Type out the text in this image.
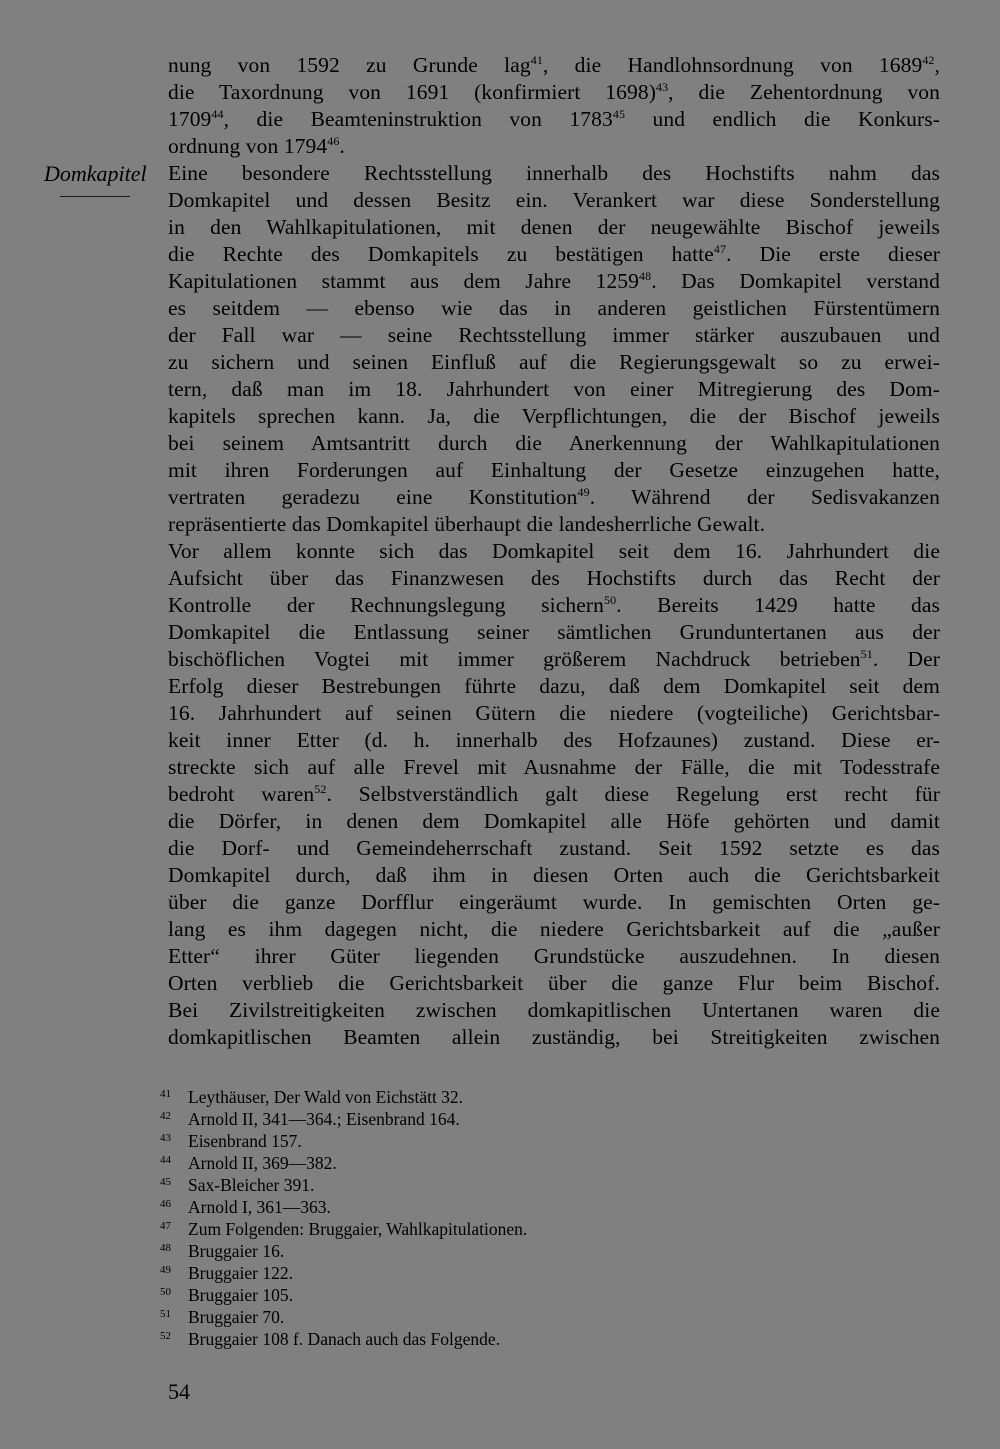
Domkapitel
nung von 1592 zu Grunde lag$^{41}$, die Handlohnsordnung von 1689$^{42}$,
die Taxordnung von 1691 (konfirmiert 1698)$^{43}$, die Zehentordnung von
1709$^{44}$, die Beamteninstruktion von 1783$^{45}$ und endlich die Konkurs-
ordnung von 1794$^{46}$.
Eine besondere Rechtsstellung innerhalb des Hochstifts nahm das
Domkapitel und dessen Besitz ein. Verankert war diese Sonderstellung
in den Wahlkapitulationen, mit denen der neugewählte Bischof jeweils
die Rechte des Domkapitels zu bestätigen hatte$^{47}$. Die erste dieser
Kapitulationen stammt aus dem Jahre 1259$^{48}$. Das Domkapitel verstand
es seitdem — ebenso wie das in anderen geistlichen Fürstentümern
der Fall war — seine Rechtsstellung immer stärker auszubauen und
zu sichern und seinen Einfluß auf die Regierungsgewalt so zu erwei-
tern, daß man im 18. Jahrhundert von einer Mitregierung des Dom-
kapitels sprechen kann. Ja, die Verpflichtungen, die der Bischof jeweils
bei seinem Amtsantritt durch die Anerkennung der Wahlkapitulationen
mit ihren Forderungen auf Einhaltung der Gesetze einzugehen hatte,
vertraten geradezu eine Konstitution$^{49}$. Während der Sedisvakanzen
repräsentierte das Domkapitel überhaupt die landesherrliche Gewalt.
Vor allem konnte sich das Domkapitel seit dem 16. Jahrhundert die
Aufsicht über das Finanzwesen des Hochstifts durch das Recht der
Kontrolle der Rechnungslegung sichern$^{50}$. Bereits 1429 hatte das
Domkapitel die Entlassung seiner sämtlichen Grunduntertanen aus der
bischöflichen Vogtei mit immer größerem Nachdruck betrieben$^{51}$. Der
Erfolg dieser Bestrebungen führte dazu, daß dem Domkapitel seit dem
16. Jahrhundert auf seinen Gütern die niedere (vogteiliche) Gerichtsbar-
keit inner Etter (d. h. innerhalb des Hofzaunes) zustand. Diese er-
streckte sich auf alle Frevel mit Ausnahme der Fälle, die mit Todesstrafe
bedroht waren$^{52}$. Selbstverständlich galt diese Regelung erst recht für
die Dörfer, in denen dem Domkapitel alle Höfe gehörten und damit
die Dorf- und Gemeindeherrschaft zustand. Seit 1592 setzte es das
Domkapitel durch, daß ihm in diesen Orten auch die Gerichtsbarkeit
über die ganze Dorfflur eingeräumt wurde. In gemischten Orten ge-
lang es ihm dagegen nicht, die niedere Gerichtsbarkeit auf die „außer
Etter“ ihrer Güter liegenden Grundstücke auszudehnen. In diesen
Orten verblieb die Gerichtsbarkeit über die ganze Flur beim Bischof.
Bei Zivilstreitigkeiten zwischen domkapitlischen Untertanen waren die
domkapitlischen Beamten allein zuständig, bei Streitigkeiten zwischen
41 Leythäuser, Der Wald von Eichstätt 32.
42 Arnold II, 341—364.; Eisenbrand 164.
43 Eisenbrand 157.
44 Arnold II, 369—382.
45 Sax-Bleicher 391.
46 Arnold I, 361—363.
47 Zum Folgenden: Bruggaier, Wahlkapitulationen.
48 Bruggaier 16.
49 Bruggaier 122.
50 Bruggaier 105.
51 Bruggaier 70.
52 Bruggaier 108 f. Danach auch das Folgende.
54
